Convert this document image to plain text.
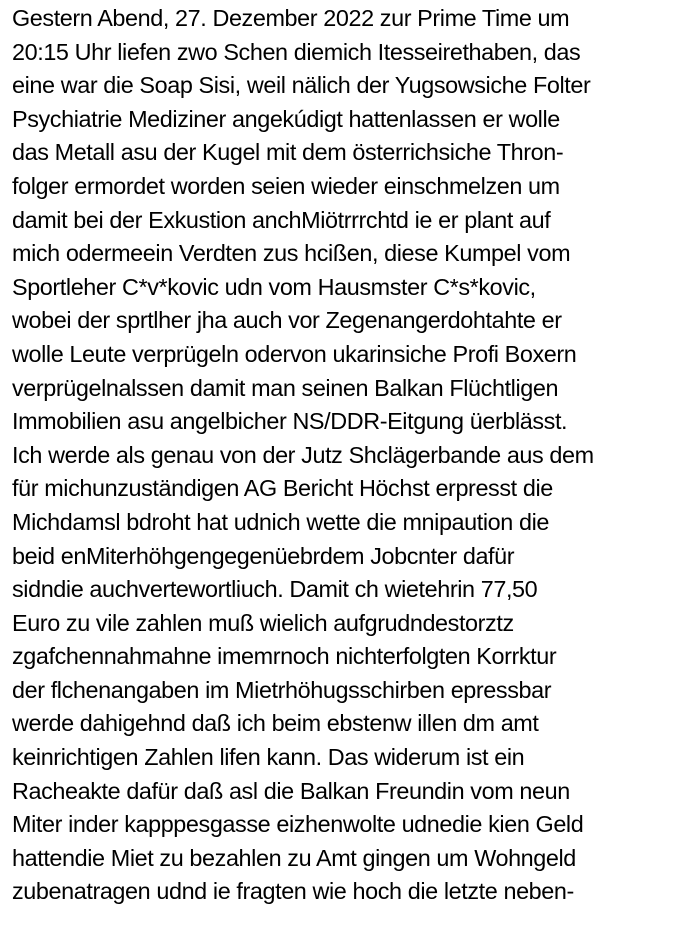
Gestern Abend, 27. Dezember 2022 zur Prime Time um
20:15 Uhr liefen zwo Schen diemich Itesseirethaben, das
eine war die Soap Sisi, weil nälich der Yugsowsiche Folter
Psychiatrie Mediziner angekúdigt hattenlassen er wolle
das Metall asu der Kugel mit dem österrichsiche Thron-
folger ermordet worden seien wieder einschmelzen um
damit bei der Exkustion anchMiötrrrchtd ie er plant auf
mich odermeein Verdten zus hcißen, diese Kumpel vom
Sportleher C*v*kovic udn vom Hausmster C*s*kovic,
wobei der sprtlher jha auch vor Zegenangerdohtahte er
wolle Leute verprügeln odervon ukarinsiche Profi Boxern
verprügelnalssen damit man seinen Balkan Flüchtligen
Immobilien asu angelbicher NS/DDR-Eitgung üerblässt.
Ich werde als genau von der Jutz Shclägerbande aus dem
für michunzuständigen AG Bericht Höchst erpresst die
Michdamsl bdroht hat udnich wette die mnipaution die
beid enMiterhöhgengegenüebrdem Jobcnter dafür
sidndie auchvertewortliuch. Damit ch wietehrin 77,50
Euro zu vile zahlen muß wielich aufgrudndestorztz
zgafchennahmahne imemrnoch nichterfolgten Korrktur
der flchenangaben im Mietrhöhugsschirben epressbar
werde dahigehnd daß ich beim ebstenw illen dm amt
keinrichtigen Zahlen lifen kann. Das widerum ist ein
Racheakte dafür daß asl die Balkan Freundin vom neun
Miter inder kapppesgasse eizhenwolte udnedie kien Geld
hattendie Miet zu bezahlen zu Amt gingen um Wohngeld
zubenatragen udnd ie fragten wie hoch die letzte neben-
